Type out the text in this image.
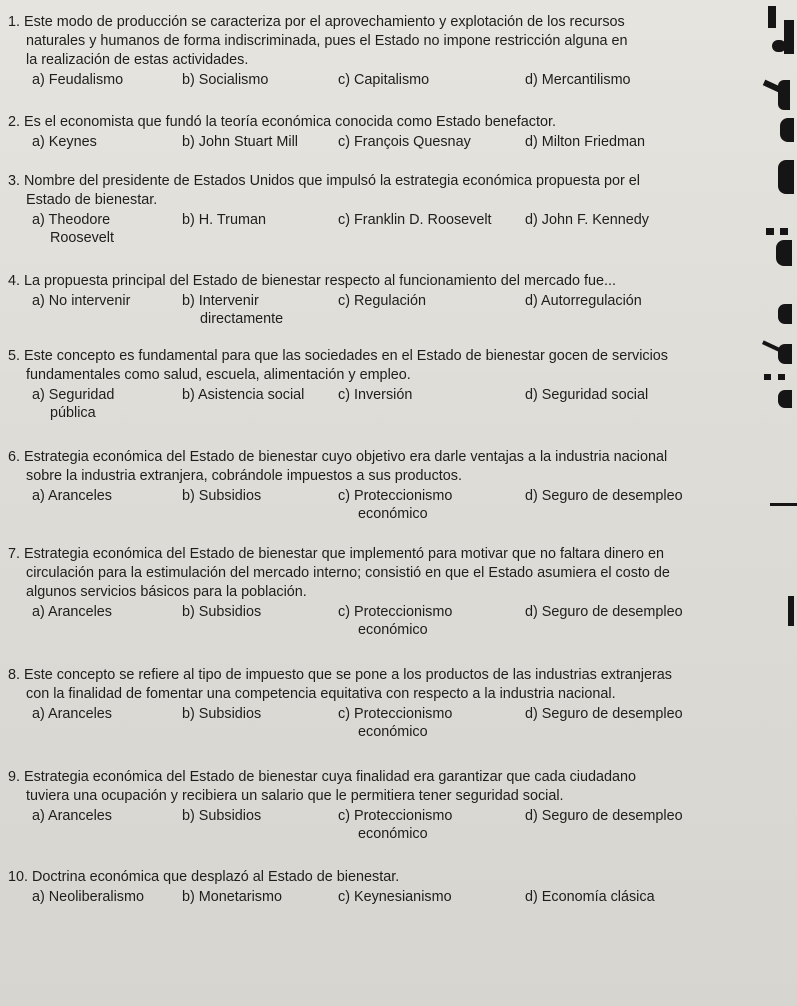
1. Este modo de producción se caracteriza por el aprovechamiento y explotación de los recursos
naturales y humanos de forma indiscriminada, pues el Estado no impone restricción alguna en
la realización de estas actividades.
a) Feudalismo	b) Socialismo	c) Capitalismo	d) Mercantilismo
2. Es el economista que fundó la teoría económica conocida como Estado benefactor.
a) Keynes	b) John Stuart Mill	c) François Quesnay	d) Milton Friedman
3. Nombre del presidente de Estados Unidos que impulsó la estrategia económica propuesta por el
Estado de bienestar.
a) Theodore
Roosevelt
b) H. Truman	c) Franklin D. Roosevelt	d) John F. Kennedy
4. La propuesta principal del Estado de bienestar respecto al funcionamiento del mercado fue...
a) No intervenir	b) Intervenir
directamente
c) Regulación	d) Autorregulación
5. Este concepto es fundamental para que las sociedades en el Estado de bienestar gocen de servicios
fundamentales como salud, escuela, alimentación y empleo.
a) Seguridad
pública
b) Asistencia social	c) Inversión	d) Seguridad social
6. Estrategia económica del Estado de bienestar cuyo objetivo era darle ventajas a la industria nacional
sobre la industria extranjera, cobrándole impuestos a sus productos.
a) Aranceles	b) Subsidios	c) Proteccionismo
económico
d) Seguro de desempleo
7. Estrategia económica del Estado de bienestar que implementó para motivar que no faltara dinero en
circulación para la estimulación del mercado interno; consistió en que el Estado asumiera el costo de
algunos servicios básicos para la población.
a) Aranceles	b) Subsidios	c) Proteccionismo
económico
d) Seguro de desempleo
8. Este concepto se refiere al tipo de impuesto que se pone a los productos de las industrias extranjeras
con la finalidad de fomentar una competencia equitativa con respecto a la industria nacional.
a) Aranceles	b) Subsidios	c) Proteccionismo
económico
d) Seguro de desempleo
9. Estrategia económica del Estado de bienestar cuya finalidad era garantizar que cada ciudadano
tuviera una ocupación y recibiera un salario que le permitiera tener seguridad social.
a) Aranceles	b) Subsidios	c) Proteccionismo
económico
d) Seguro de desempleo
10. Doctrina económica que desplazó al Estado de bienestar.
a) Neoliberalismo	b) Monetarismo	c) Keynesianismo	d) Economía clásica
